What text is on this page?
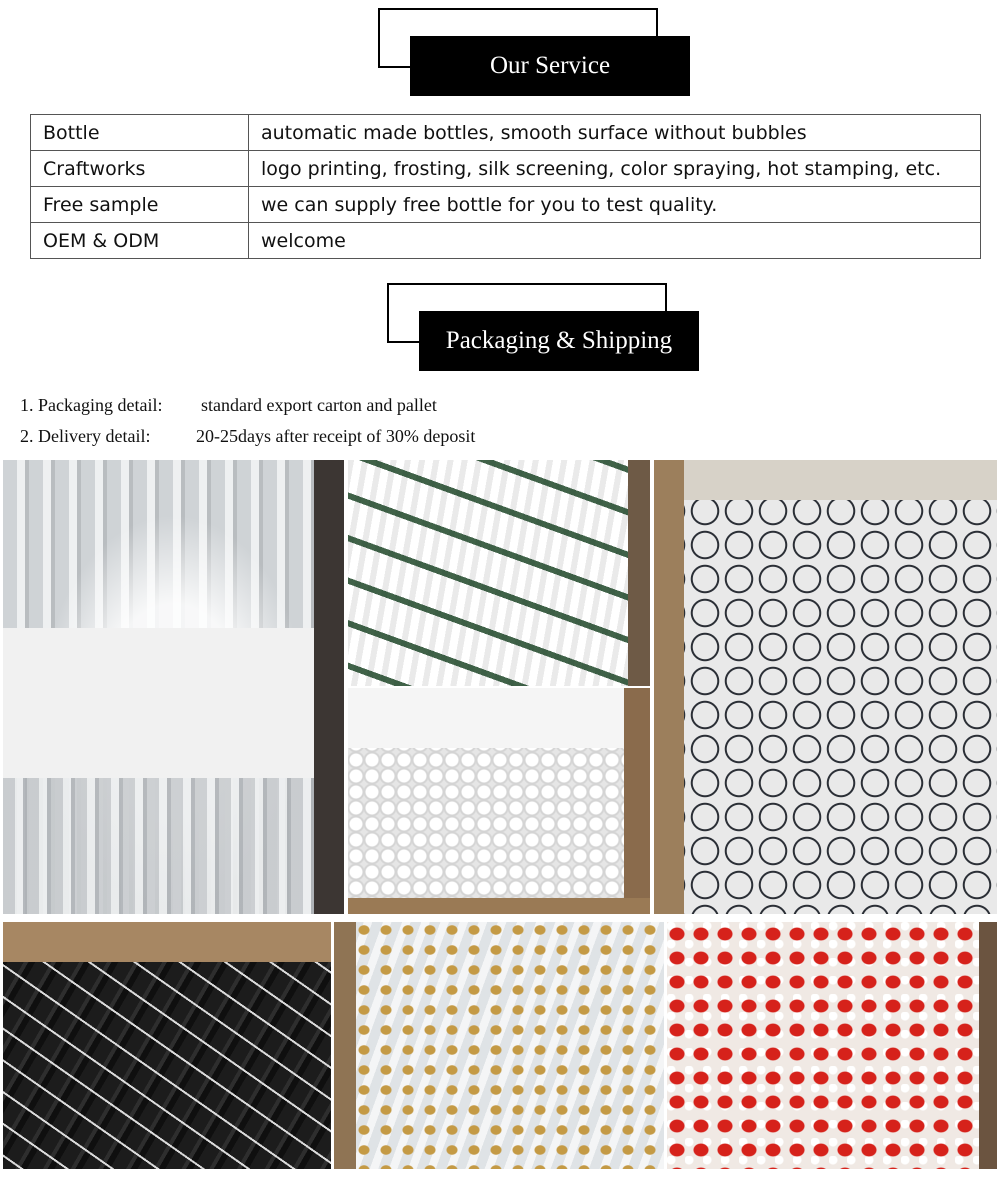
Our Service
Bottle	automatic made bottles, smooth surface without bubbles
Craftworks	logo printing, frosting, silk screening, color spraying, hot stamping, etc.
Free sample	we can supply free bottle for you to test quality.
OEM & ODM	welcome
Packaging & Shipping
1. Packaging detail: standard export carton and pallet
2. Delivery detail:	20-25days after receipt of 30% deposit
